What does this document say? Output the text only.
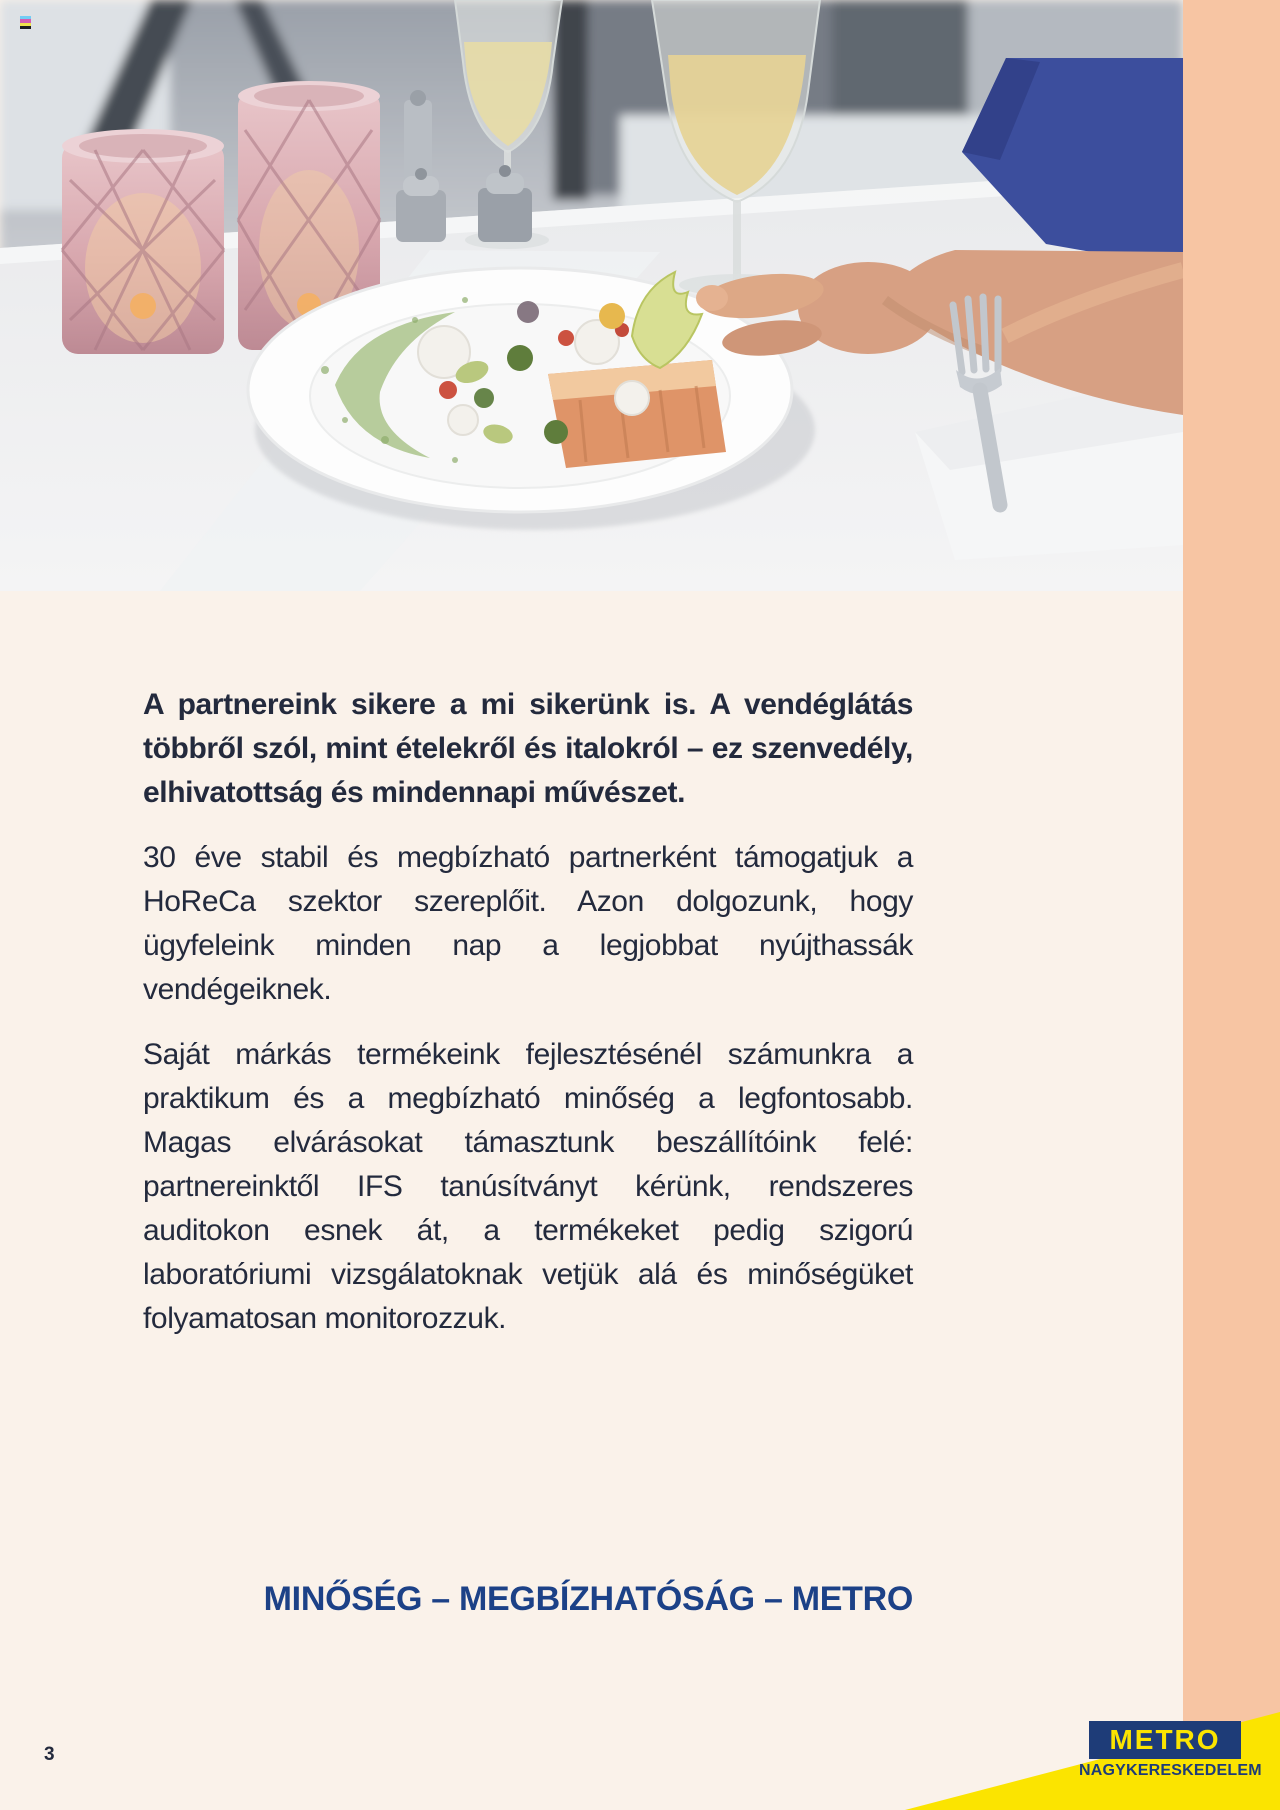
A partnereink sikere a mi sikerünk is. A vendéglátás többről szól, mint ételekről és italokról – ez szenvedély, elhivatottság és mindennapi művészet.

30 éve stabil és megbízható partnerként támogatjuk a HoReCa szektor szereplőit. Azon dolgozunk, hogy ügyfeleink minden nap a legjobbat nyújthassák vendégeiknek.

Saját márkás termékeink fejlesztésénél számunkra a praktikum és a megbízható minőség a legfontosabb. Magas elvárásokat támasztunk beszállítóink felé: partnereinktől IFS tanúsítványt kérünk, rendszeres auditokon esnek át, a termékeket pedig szigorú laboratóriumi vizsgálatoknak vetjük alá és minőségüket folyamatosan monitorozzuk.

MINŐSÉG – MEGBÍZHATÓSÁG – METRO
METRO
NAGYKERESKEDELEM
3
